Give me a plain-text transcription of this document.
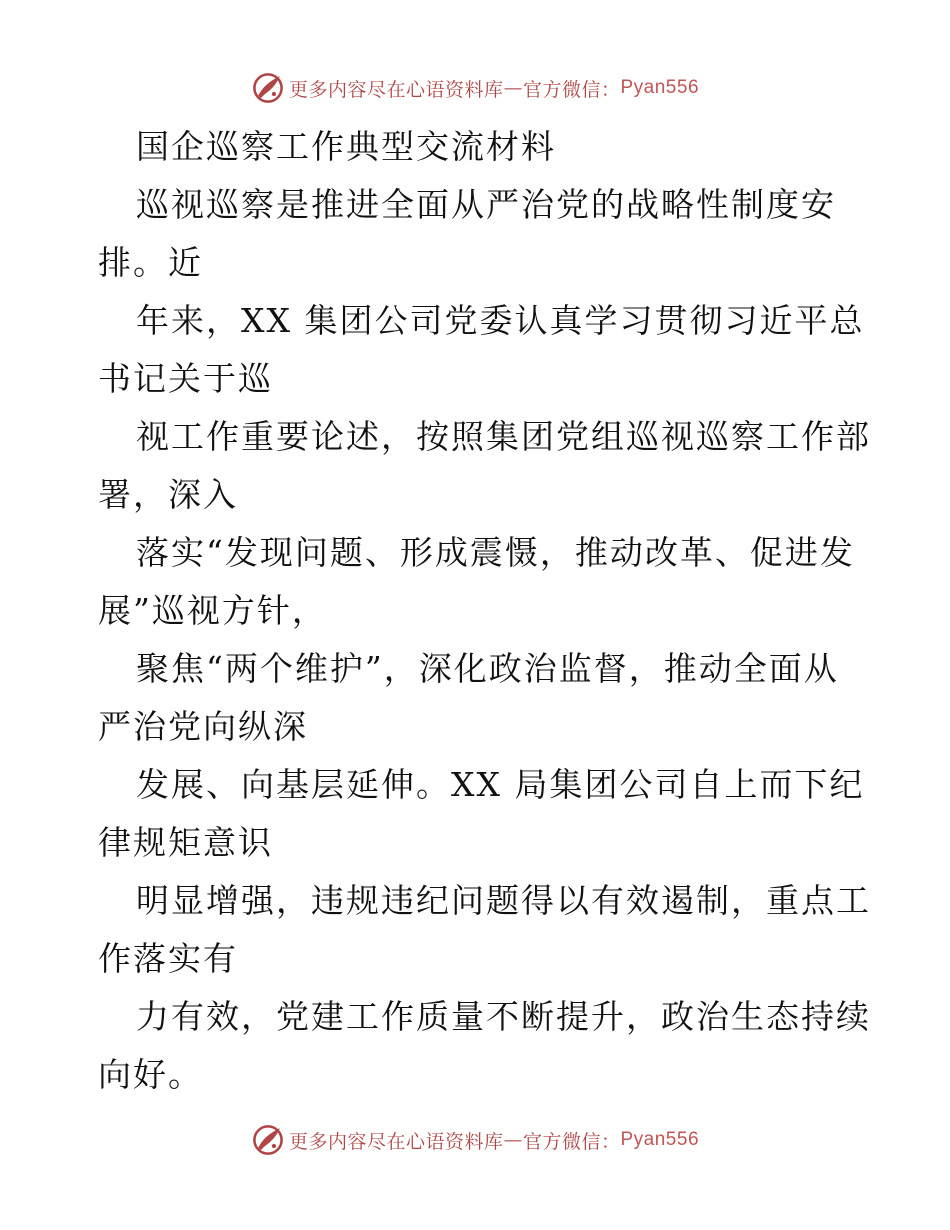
更多内容尽在心语资料库 — 官方微信： Pyan556
国企巡察工作典型交流材料
巡视巡察是推进全面从严治党的战略性制度安
排。近
年来，XX 集团公司党委认真学习贯彻习近平总
书记关于巡
视工作重要论述，按照集团党组巡视巡察工作部
署，深入
落实“发现问题、形成震慑，推动改革、促进发
展”巡视方针，
聚焦“两个维护”，深化政治监督，推动全面从
严治党向纵深
发展、向基层延伸。XX 局集团公司自上而下纪
律规矩意识
明显增强，违规违纪问题得以有效遏制，重点工
作落实有
力有效，党建工作质量不断提升，政治生态持续
向好。
更多内容尽在心语资料库 — 官方微信： Pyan556
